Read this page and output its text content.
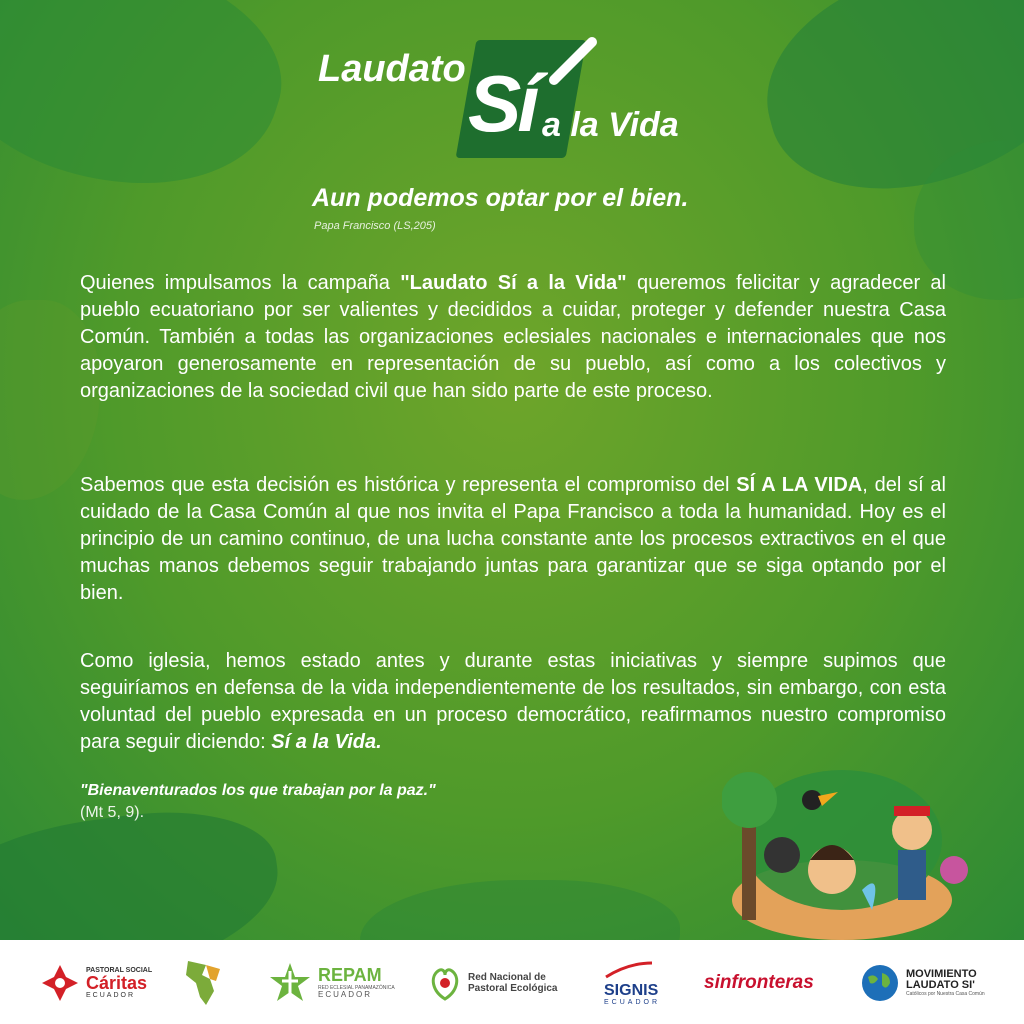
Laudato Sí a la Vida
Aun podemos optar por el bien.
Papa Francisco (LS,205)

Quienes impulsamos la campaña "Laudato Sí a la Vida" queremos felicitar y agradecer al pueblo ecuatoriano por ser valientes y decididos a cuidar, proteger y defender nuestra Casa Común. También a todas las organizaciones eclesiales nacionales e internacionales que nos apoyaron generosamente en representación de su pueblo, así como a los colectivos y organizaciones de la sociedad civil que han sido parte de este proceso.

Sabemos que esta decisión es histórica y representa el compromiso del SÍ A LA VIDA, del sí al cuidado de la Casa Común al que nos invita el Papa Francisco a toda la humanidad. Hoy es el principio de un camino continuo, de una lucha constante ante los procesos extractivos en el que muchas manos debemos seguir trabajando juntas para garantizar que se siga optando por el bien.

Como iglesia, hemos estado antes y durante estas iniciativas y siempre supimos que seguiríamos en defensa de la vida independientemente de los resultados, sin embargo, con esta voluntad del pueblo expresada en un proceso democrático, reafirmamos nuestro compromiso para seguir diciendo: Sí a la Vida.

"Bienaventurados los que trabajan por la paz."
(Mt 5, 9).
PASTORAL SOCIAL
Cáritas
ECUADOR
REPAM
RED ECLESIAL PANAMAZÓNICA
ECUADOR
Red Nacional de
Pastoral Ecológica	SIGNIS
ECUADOR
sinfronteras	MOVIMIENTO
LAUDATO SI'
Católicos por Nuestra Casa Común
